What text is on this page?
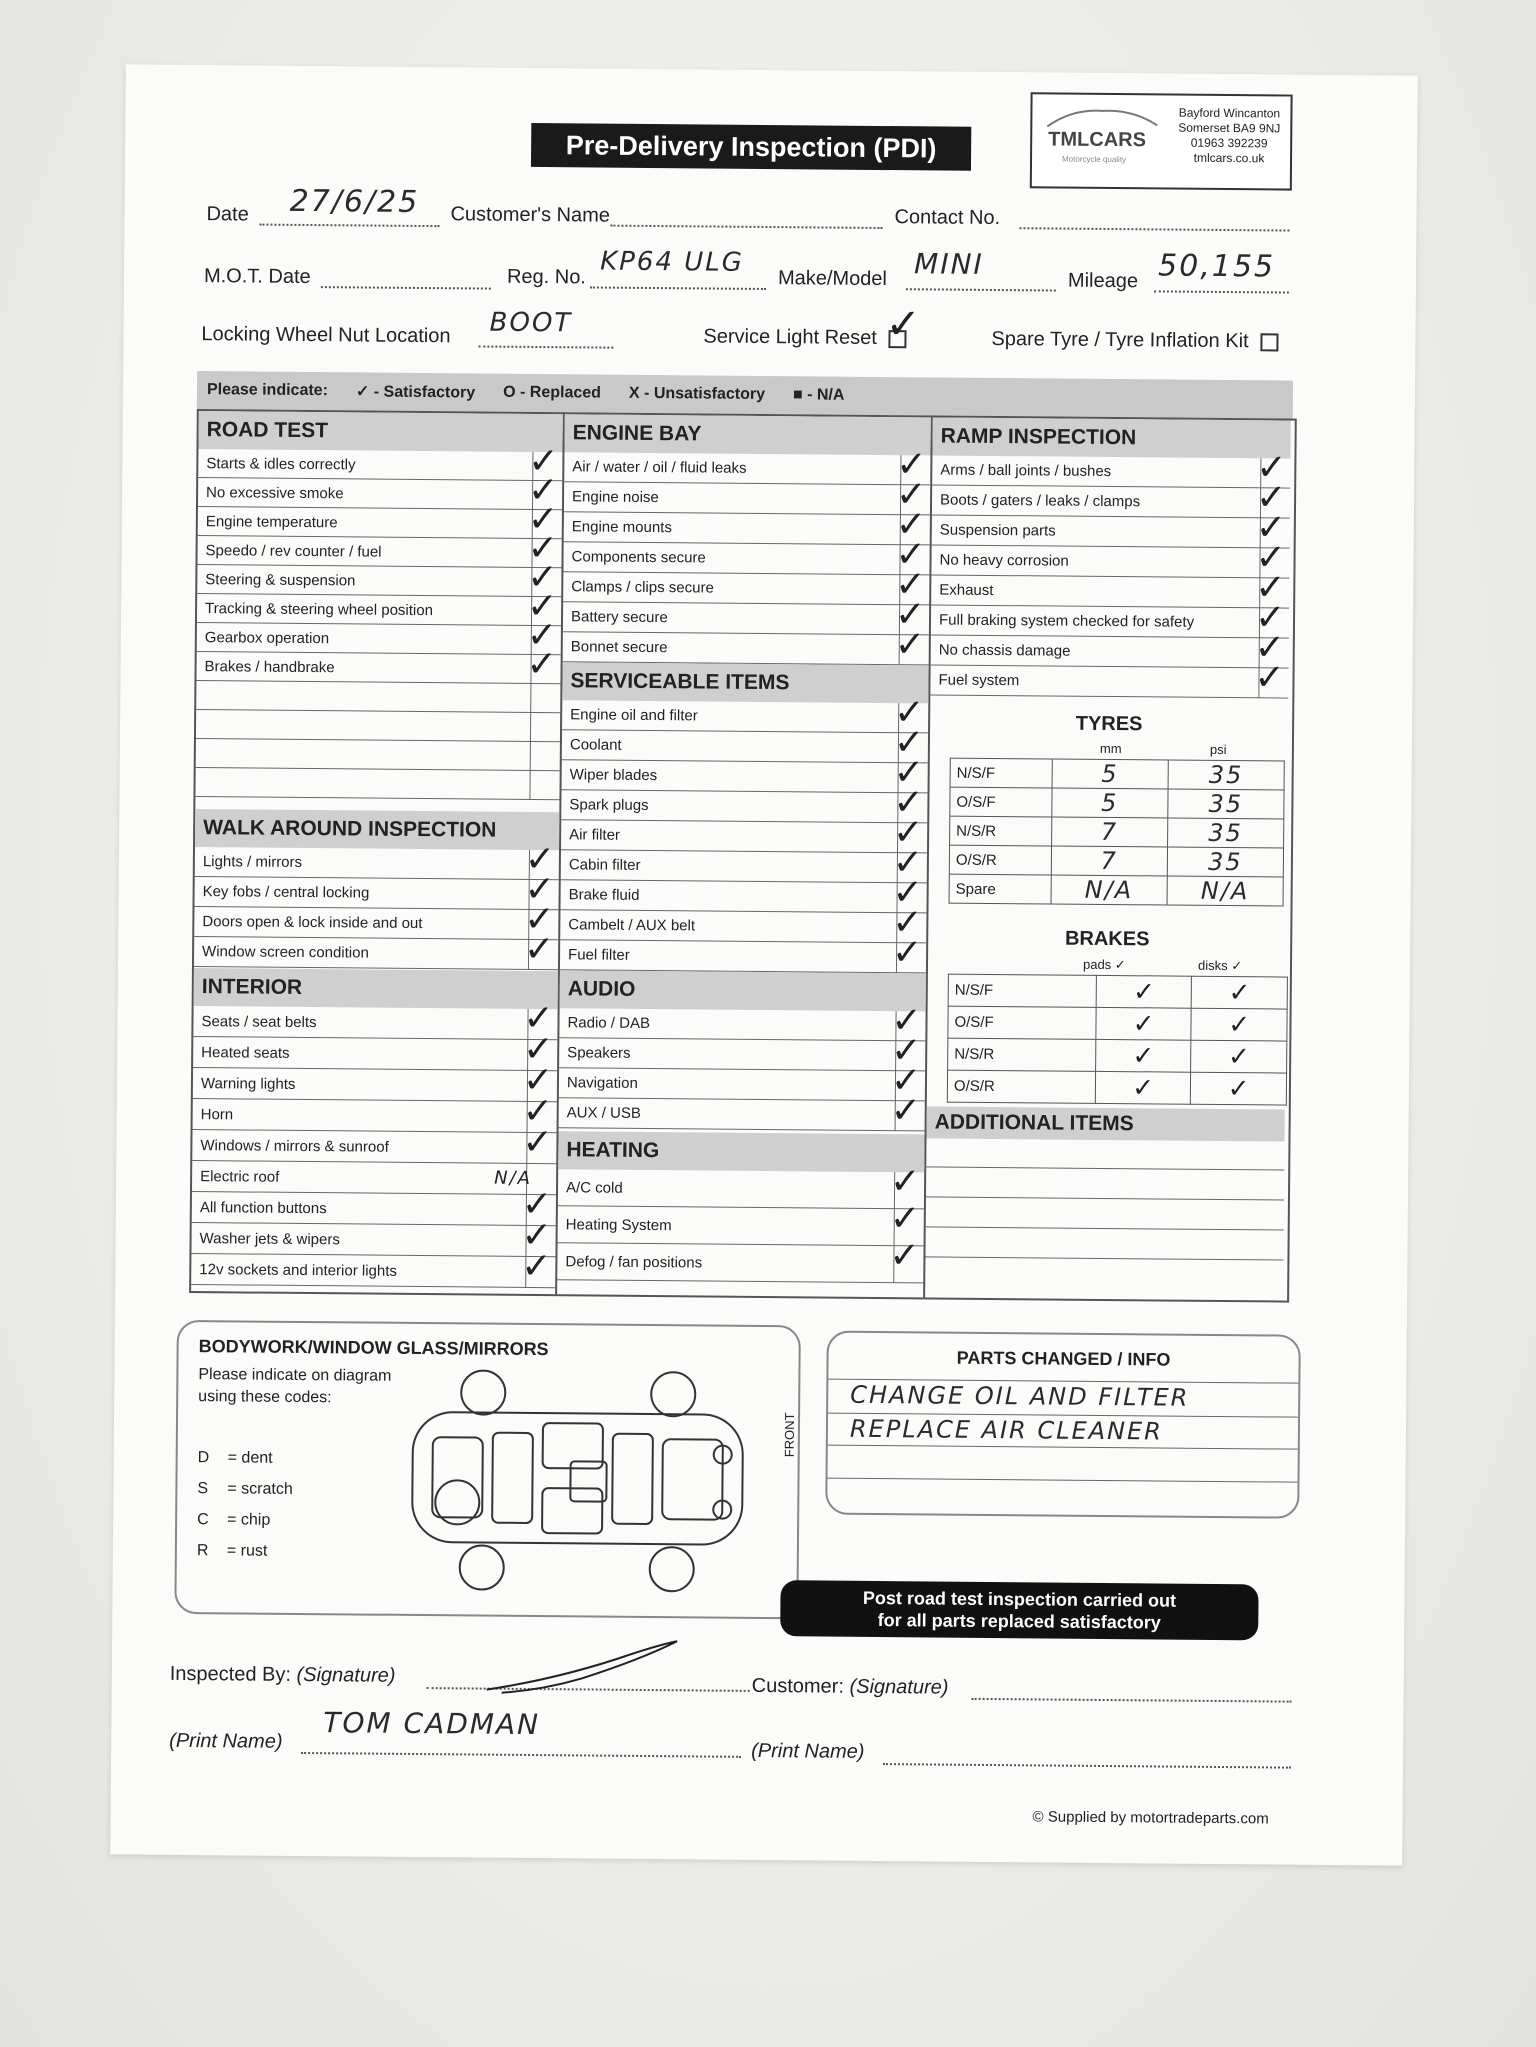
Pre-Delivery Inspection (PDI)	TMLCARS
Motorcycle quality
Bayford Wincanton
Somerset BA9 9NJ
01963 392239
tmlcars.co.uk
Date 27/6/25 Customer's Name	Contact No.
M.O.T. Date	Reg. No. KP64 ULG
Make/Model MINI
Mileage 50,155
Locking Wheel Nut Location BOOT	Service Light Reset ✓	Spare Tyre / Tyre Inflation Kit
Please indicate: ✓ - Satisfactory O - Replaced X - Unsatisfactory ■ - N/A
ROAD TEST
Starts & idles correctly	✓
No excessive smoke	✓
Engine temperature	✓
Speedo / rev counter / fuel	✓
Steering & suspension	✓
Tracking & steering wheel position	✓
Gearbox operation	✓
Brakes / handbrake	✓
WALK AROUND INSPECTION
Lights / mirrors	✓
Key fobs / central locking	✓
Doors open & lock inside and out	✓
Window screen condition	✓
INTERIOR
Seats / seat belts	✓
Heated seats	✓
Warning lights	✓
Horn	✓
Windows / mirrors & sunroof	✓
Electric roof	N/A
All function buttons	✓
Washer jets & wipers	✓
12v sockets and interior lights	✓
ENGINE BAY
Air / water / oil / fluid leaks	✓
Engine noise	✓
Engine mounts	✓
Components secure	✓
Clamps / clips secure	✓
Battery secure	✓
Bonnet secure	✓
SERVICEABLE ITEMS
Engine oil and filter	✓
Coolant	✓
Wiper blades	✓
Spark plugs	✓
Air filter	✓
Cabin filter	✓
Brake fluid	✓
Cambelt / AUX belt	✓
Fuel filter	✓
AUDIO
Radio / DAB	✓
Speakers	✓
Navigation	✓
AUX / USB	✓
HEATING
A/C cold	✓
Heating System	✓
Defog / fan positions	✓
RAMP INSPECTION
Arms / ball joints / bushes	✓
Boots / gaters / leaks / clamps	✓
Suspension parts	✓
No heavy corrosion	✓
Exhaust	✓
Full braking system checked for safety ✓
No chassis damage	✓
Fuel system	✓
TYRES
mm	psi
N/S/F	5	35
O/S/F	5	35
N/S/R	7	35
O/S/R	7	35
Spare	N/A	N/A
BRAKES
pads ✓	disks ✓
N/S/F	✓	✓
O/S/F	✓	✓
N/S/R	✓	✓
O/S/R	✓	✓
ADDITIONAL ITEMS
BODYWORK/WINDOW GLASS/MIRRORS
Please indicate on diagram
using these codes:
D = dent
S = scratch
C = chip
R = rust
FRONT
PARTS CHANGED / INFO
CHANGE OIL AND FILTER
REPLACE AIR CLEANER
Post road test inspection carried out
for all parts replaced satisfactory
Inspected By: (Signature)	Customer: (Signature)
(Print Name)
TOM CADMAN
(Print Name)
© Supplied by motortradeparts.com
